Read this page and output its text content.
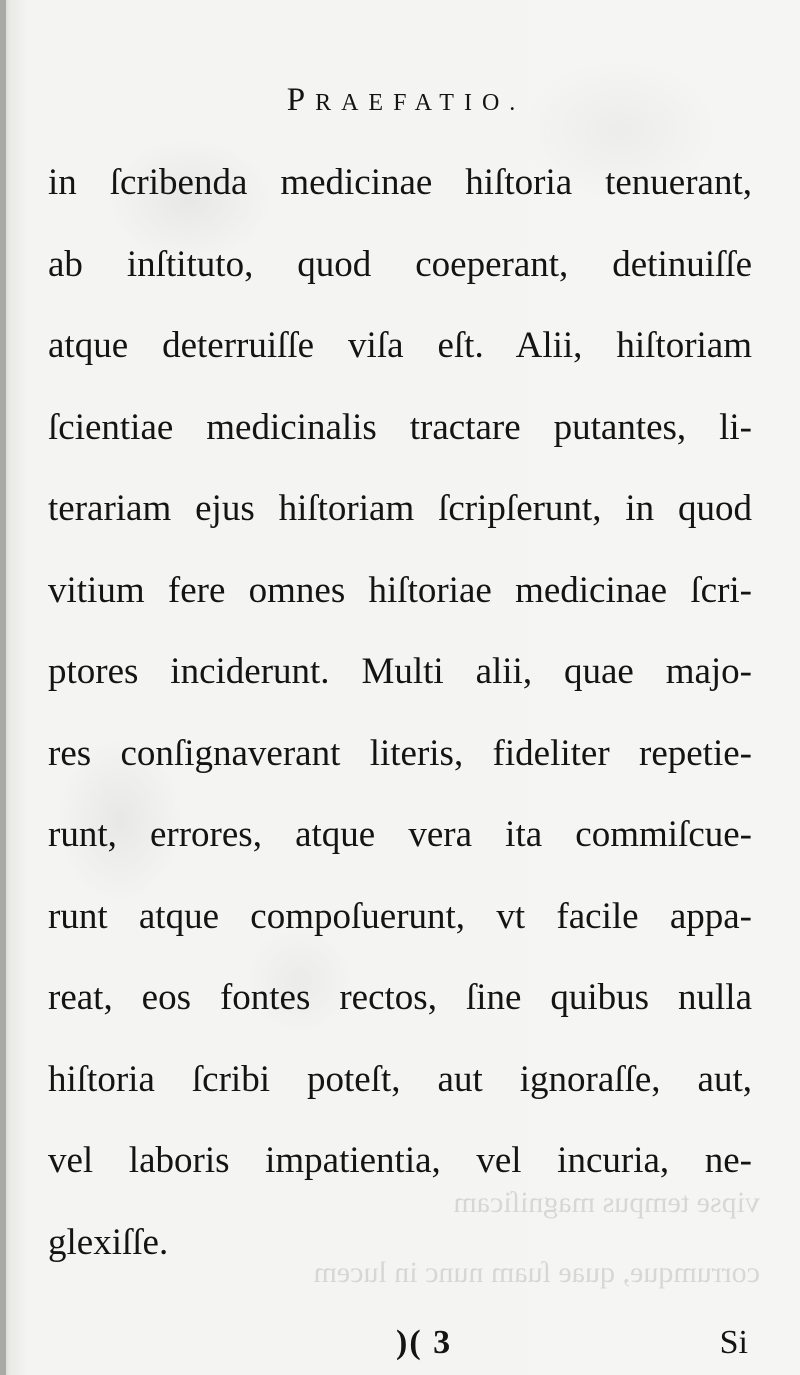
PRAEFATIO.
in ſcribenda medicinae hiſtoria tenuerant,
ab inſtituto, quod coeperant, detinuiſſe
atque deterruiſſe viſa eſt. Alii, hiſtoriam
ſcientiae medicinalis tractare putantes, li-
terariam ejus hiſtoriam ſcripſerunt, in quod
vitium fere omnes hiſtoriae medicinae ſcri-
ptores inciderunt. Multi alii, quae majo-
res conſignaverant literis, fideliter repetie-
runt, errores, atque vera ita commiſcue-
runt atque compoſuerunt, vt facile appa-
reat, eos fontes rectos, ſine quibus nulla
hiſtoria ſcribi poteſt, aut ignoraſſe, aut,
vel laboris impatientia, vel incuria, ne-
glexiſſe.
vipse tempus magniſicam
corrumque, quae ſuam nunc in lucem
)( 3	Si
